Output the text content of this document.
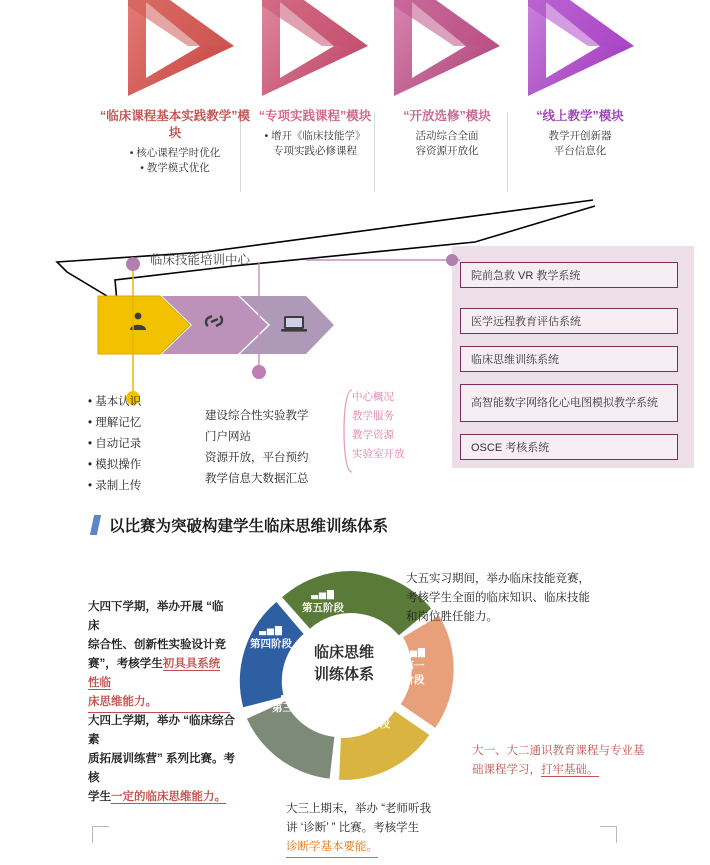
“临床课程基本实践教学”模块
• 核心课程学时优化
• 教学模式优化
“专项实践课程”模块
• 增开《临床技能学》
专项实践必修课程
“开放选修”模块
活动综合全面
容资源开放化
“线上教学”模块
教学开创新器
平台信息化
院前急救 VR 教学系统
医学远程教育评估系统
临床思维训练系统
高智能数字网络化心电图模拟教学系统
OSCE 考核系统
临床技能培训中心
• 基本认识
• 理解记忆
• 自动记录
• 模拟操作
• 录制上传
建设综合性实验教学
门户网站
资源开放，平台预约
教学信息大数据汇总
中心概况
教学服务
教学资源
实验室开放
以比赛为突破构建学生临床思维训练体系
临床思维
训练体系
▃▅▇
第一
阶段
▃▅▇
第二阶段
▃▅▇
第三阶段
▃▅▇
第四阶段
▃▅▇
第五阶段
大五实习期间，举办临床技能竞赛，
考核学生全面的临床知识、临床技能
和岗位胜任能力。
大四下学期，举办开展 “临床
综合性、创新性实验设计竞
赛”，考核学生初具具系统性临
床思维能力。
大四上学期，举办 “临床综合素
质拓展训练营” 系列比赛。考核
学生一定的临床思维能力。
大三上期末，举办 “老师听我
讲 ‘诊断’ ” 比赛。考核学生
诊断学基本要能。
大一、大二通识教育课程与专业基
础课程学习，打牢基础。
